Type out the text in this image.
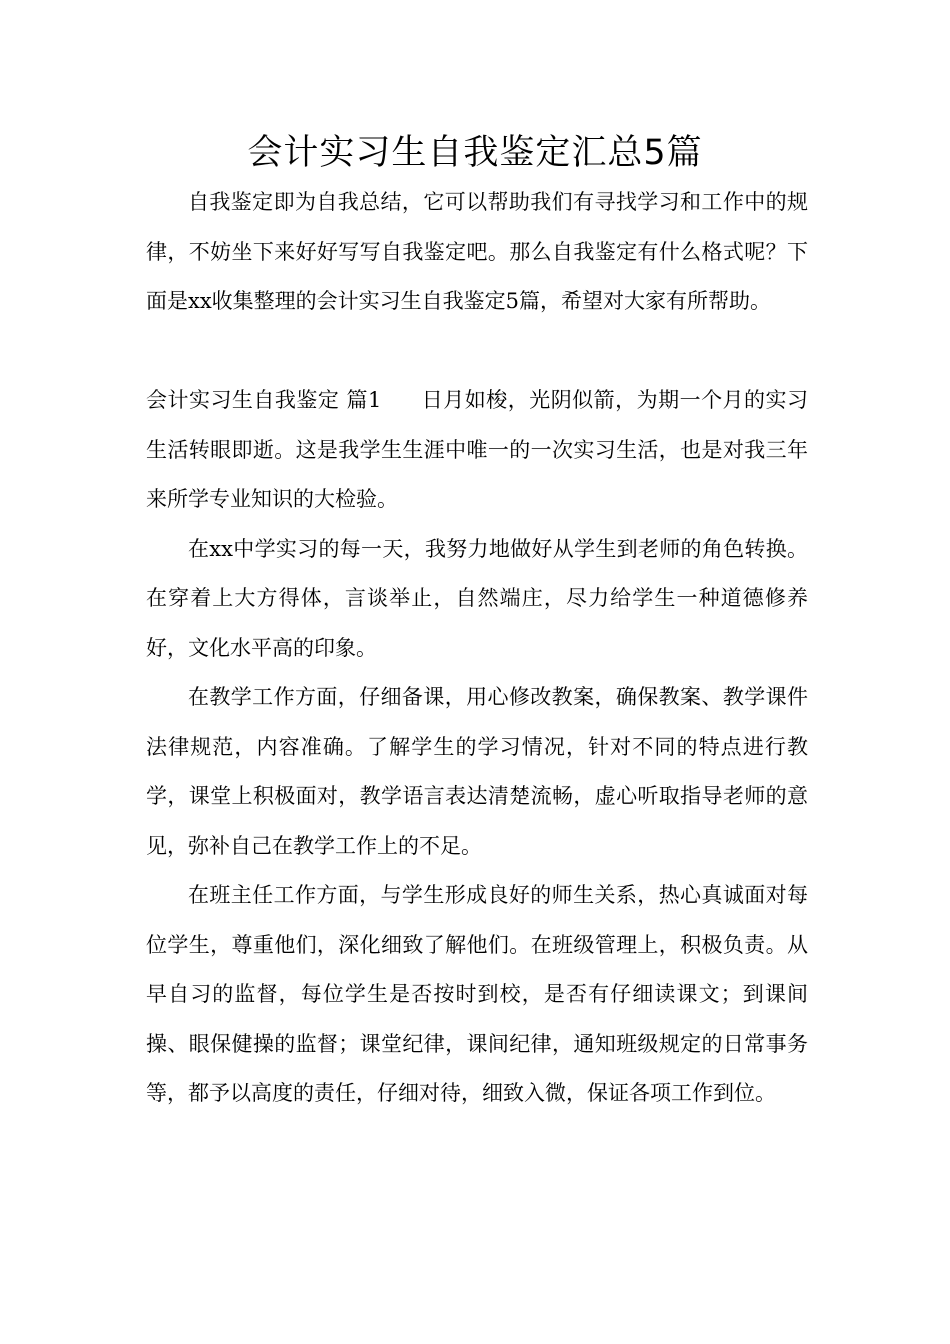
会计实习生自我鉴定汇总5篇

自我鉴定即为自我总结，它可以帮助我们有寻找学习和工作中的规律，不妨坐下来好好写写自我鉴定吧。那么自我鉴定有什么格式呢？下面是xx收集整理的会计实习生自我鉴定5篇，希望对大家有所帮助。

会计实习生自我鉴定 篇1 日月如梭，光阴似箭，为期一个月的实习生活转眼即逝。这是我学生生涯中唯一的一次实习生活，也是对我三年来所学专业知识的大检验。

在xx中学实习的每一天，我努力地做好从学生到老师的角色转换。在穿着上大方得体，言谈举止，自然端庄，尽力给学生一种道德修养好，文化水平高的印象。

在教学工作方面，仔细备课，用心修改教案，确保教案、教学课件法律规范，内容准确。了解学生的学习情况，针对不同的特点进行教学，课堂上积极面对，教学语言表达清楚流畅，虚心听取指导老师的意见，弥补自己在教学工作上的不足。

在班主任工作方面，与学生形成良好的师生关系，热心真诚面对每位学生，尊重他们，深化细致了解他们。在班级管理上，积极负责。从早自习的监督，每位学生是否按时到校，是否有仔细读课文；到课间操、眼保健操的监督；课堂纪律，课间纪律，通知班级规定的日常事务等，都予以高度的责任，仔细对待，细致入微，保证各项工作到位。
